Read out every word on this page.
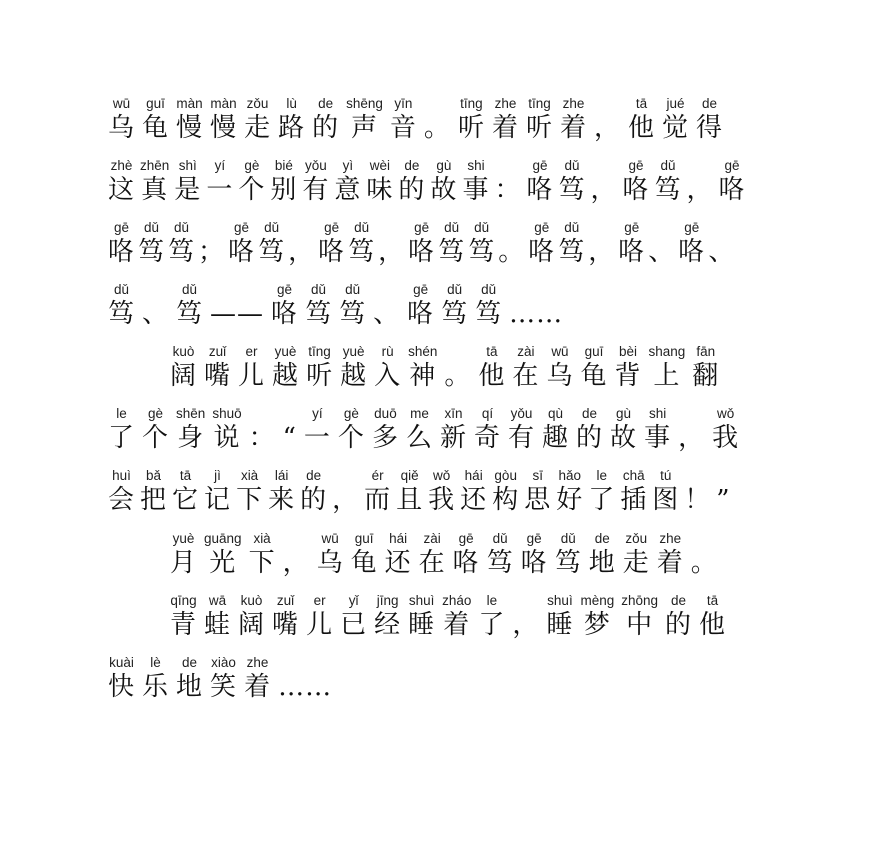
wū
乌
guī
龟
màn
慢
màn
慢
zǒu
走
lù
路
de
的
shēng
声
yīn
音 。
tīng
听
zhe
着
tīng
听
zhe
着 ，
tā
他
jué
觉
de
得
zhè
这
zhēn
真
shì
是
yí
一
gè
个
bié
别
yǒu
有
yì
意
wèi
味
de
的
gù
故
shi
事 ：
gē
咯
dǔ
笃 ，
gē
咯
dǔ
笃 ，
gē
咯
gē
咯
dǔ
笃
dǔ
笃 ；
gē
咯
dǔ
笃 ，
gē
咯
dǔ
笃 ，
gē
咯
dǔ
笃
dǔ
笃 。
gē
咯
dǔ
笃 ，
gē
咯 、
gē
咯 、
dǔ
笃 、
dǔ
笃 ——
gē
咯
dǔ
笃
dǔ
笃 、
gē
咯
dǔ
笃
dǔ
笃 ……
kuò
阔
zuǐ
嘴
er
儿
yuè
越
tīng
听
yuè
越
rù
入
shén
神 。
tā
他
zài
在
wū
乌
guī
龟
bèi
背
shang
上
fān
翻
le
了
gè
个
shēn
身
shuō
说 ： “
yí
一
gè
个
duō
多
me
么
xīn
新
qí
奇
yǒu
有
qù
趣
de
的
gù
故
shi
事 ，
wǒ
我
huì
会
bǎ
把
tā
它
jì
记
xià
下
lái
来
de
的 ，
ér
而
qiě
且
wǒ
我
hái
还
gòu
构
sī
思
hǎo
好
le
了
chā
插
tú
图 ！ ”
yuè
月
guāng
光
xià
下 ，
wū
乌
guī
龟
hái
还
zài
在
gē
咯
dǔ
笃
gē
咯
dǔ
笃
de
地
zǒu
走
zhe
着 。
qīng
青
wā
蛙
kuò
阔
zuǐ
嘴
er
儿
yǐ
已
jīng
经
shuì
睡
zháo
着
le
了 ，
shuì
睡
mèng
梦
zhōng
中
de
的
tā
他
kuài
快
lè
乐
de
地
xiào
笑
zhe
着 ……
